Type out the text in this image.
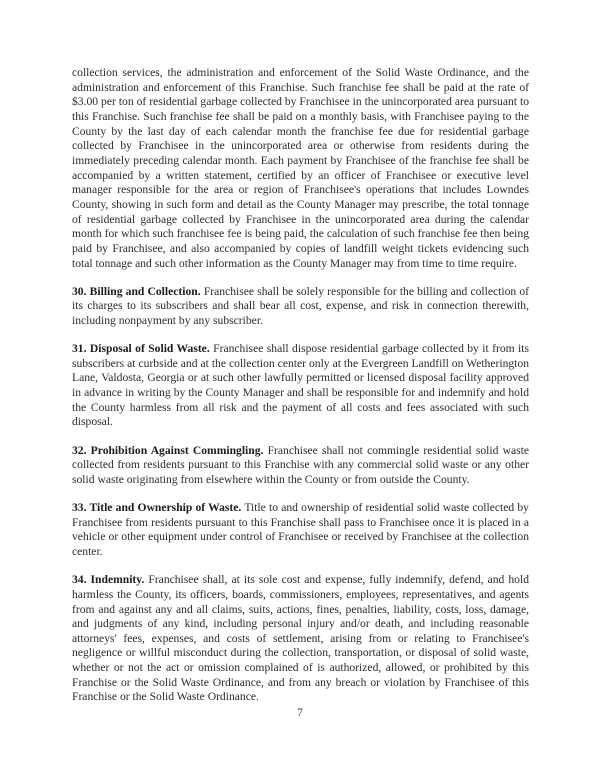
collection services, the administration and enforcement of the Solid Waste Ordinance, and the administration and enforcement of this Franchise. Such franchise fee shall be paid at the rate of $3.00 per ton of residential garbage collected by Franchisee in the unincorporated area pursuant to this Franchise. Such franchise fee shall be paid on a monthly basis, with Franchisee paying to the County by the last day of each calendar month the franchise fee due for residential garbage collected by Franchisee in the unincorporated area or otherwise from residents during the immediately preceding calendar month. Each payment by Franchisee of the franchise fee shall be accompanied by a written statement, certified by an officer of Franchisee or executive level manager responsible for the area or region of Franchisee's operations that includes Lowndes County, showing in such form and detail as the County Manager may prescribe, the total tonnage of residential garbage collected by Franchisee in the unincorporated area during the calendar month for which such franchisee fee is being paid, the calculation of such franchise fee then being paid by Franchisee, and also accompanied by copies of landfill weight tickets evidencing such total tonnage and such other information as the County Manager may from time to time require.

30. Billing and Collection. Franchisee shall be solely responsible for the billing and collection of its charges to its subscribers and shall bear all cost, expense, and risk in connection therewith, including nonpayment by any subscriber.

31. Disposal of Solid Waste. Franchisee shall dispose residential garbage collected by it from its subscribers at curbside and at the collection center only at the Evergreen Landfill on Wetherington Lane, Valdosta, Georgia or at such other lawfully permitted or licensed disposal facility approved in advance in writing by the County Manager and shall be responsible for and indemnify and hold the County harmless from all risk and the payment of all costs and fees associated with such disposal.

32. Prohibition Against Commingling. Franchisee shall not commingle residential solid waste collected from residents pursuant to this Franchise with any commercial solid waste or any other solid waste originating from elsewhere within the County or from outside the County.

33. Title and Ownership of Waste. Title to and ownership of residential solid waste collected by Franchisee from residents pursuant to this Franchise shall pass to Franchisee once it is placed in a vehicle or other equipment under control of Franchisee or received by Franchisee at the collection center.

34. Indemnity. Franchisee shall, at its sole cost and expense, fully indemnify, defend, and hold harmless the County, its officers, boards, commissioners, employees, representatives, and agents from and against any and all claims, suits, actions, fines, penalties, liability, costs, loss, damage, and judgments of any kind, including personal injury and/or death, and including reasonable attorneys' fees, expenses, and costs of settlement, arising from or relating to Franchisee's negligence or willful misconduct during the collection, transportation, or disposal of solid waste, whether or not the act or omission complained of is authorized, allowed, or prohibited by this Franchise or the Solid Waste Ordinance, and from any breach or violation by Franchisee of this Franchise or the Solid Waste Ordinance.

7
